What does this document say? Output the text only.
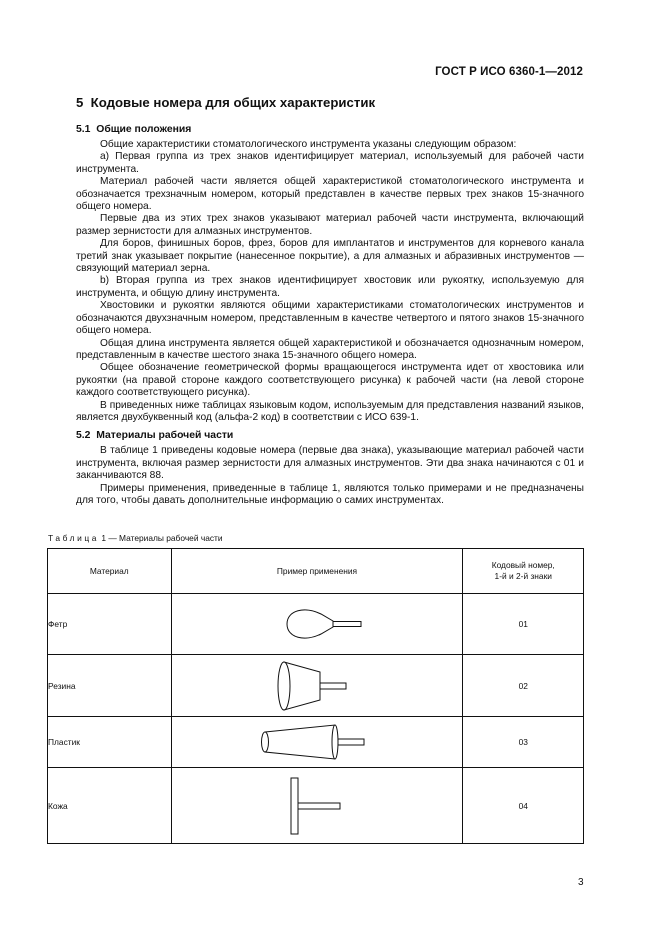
ГОСТ Р ИСО 6360-1—2012
5 Кодовые номера для общих характеристик
5.1 Общие положения

Общие характеристики стоматологического инструмента указаны следующим образом:

а) Первая группа из трех знаков идентифицирует материал, используемый для рабочей части инструмента.

Материал рабочей части является общей характеристикой стоматологического инструмента и обозначается трехзначным номером, который представлен в качестве первых трех знаков 15-значного общего номера.

Первые два из этих трех знаков указывают материал рабочей части инструмента, включающий размер зернистости для алмазных инструментов.

Для боров, финишных боров, фрез, боров для имплантатов и инструментов для корневого канала третий знак указывает покрытие (нанесенное покрытие), а для алмазных и абразивных инструментов — связующий материал зерна.

b) Вторая группа из трех знаков идентифицирует хвостовик или рукоятку, используемую для инструмента, и общую длину инструмента.

Хвостовики и рукоятки являются общими характеристиками стоматологических инструментов и обозначаются двухзначным номером, представленным в качестве четвертого и пятого знаков 15-значного общего номера.

Общая длина инструмента является общей характеристикой и обозначается однозначным номером, представленным в качестве шестого знака 15-значного общего номера.

Общее обозначение геометрической формы вращающегося инструмента идет от хвостовика или рукоятки (на правой стороне каждого соответствующего рисунка) к рабочей части (на левой стороне каждого соответствующего рисунка).

В приведенных ниже таблицах языковым кодом, используемым для представления названий языков, является двухбуквенный код (альфа-2 код) в соответствии с ИСО 639-1.

5.2 Материалы рабочей части

В таблице 1 приведены кодовые номера (первые два знака), указывающие материал рабочей части инструмента, включая размер зернистости для алмазных инструментов. Эти два знака начинаются с 01 и заканчиваются 88.

Примеры применения, приведенные в таблице 1, являются только примерами и не предназначены для того, чтобы давать дополнительные информацию о самих инструментах.

Таблица 1 — Материалы рабочей части
Материал	Пример применения	Кодовый номер,
1-й и 2-й знаки
Фетр		01
Резина		02
Пластик		03
Кожа		04
3
